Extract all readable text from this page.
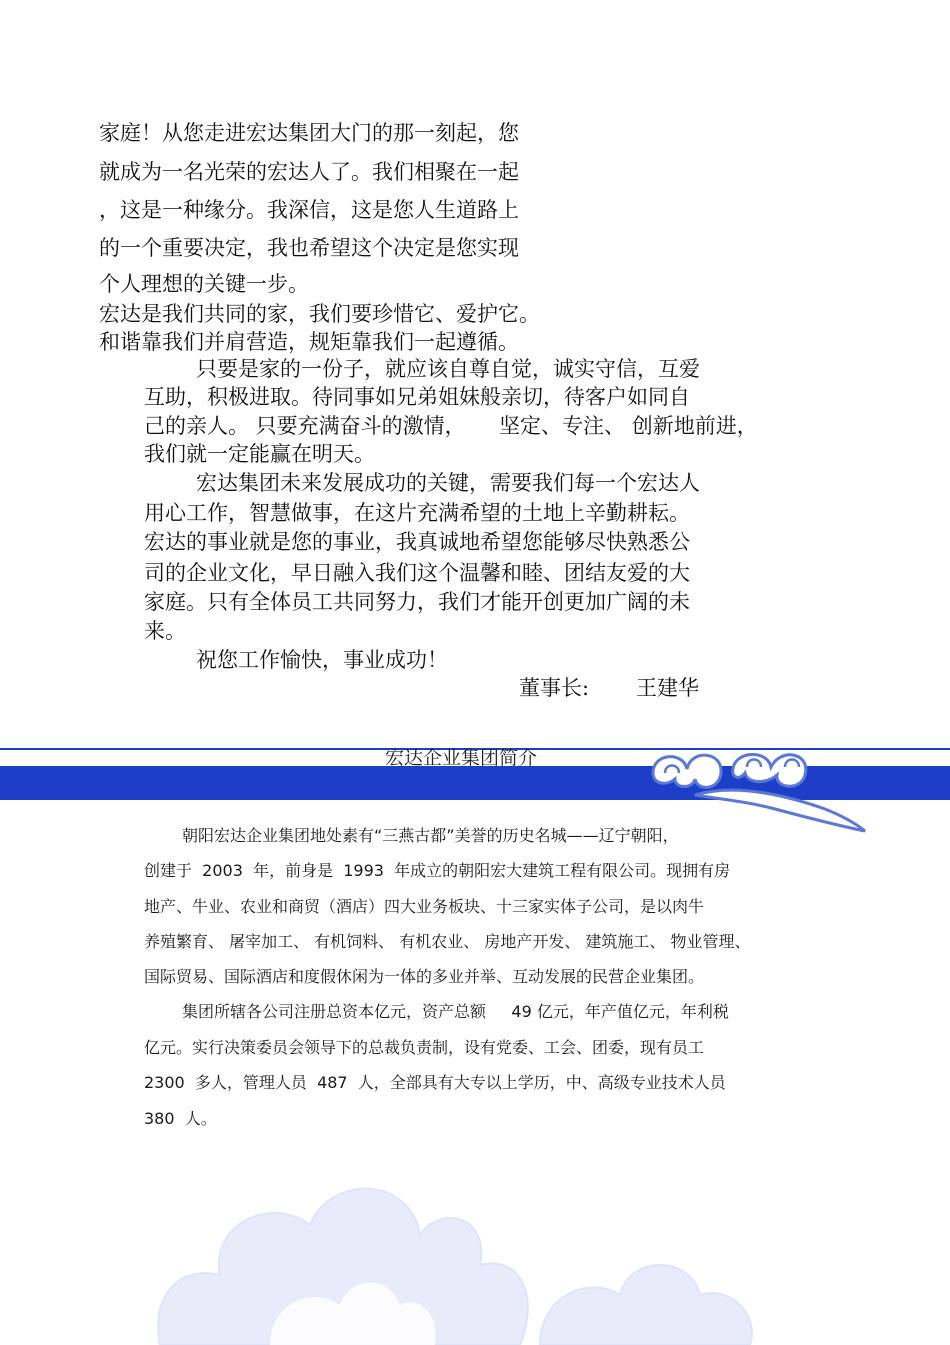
家庭！从您走进宏达集团大门的那一刻起，您
就成为一名光荣的宏达人了。我们相聚在一起
，这是一种缘分。我深信，这是您人生道路上
的一个重要决定，我也希望这个决定是您实现
个人理想的关键一步。
宏达是我们共同的家，我们要珍惜它、爱护它。
和谐靠我们并肩营造，规矩靠我们一起遵循。
只要是家的一份子，就应该自尊自觉，诚实守信，互爱
互助，积极进取。待同事如兄弟姐妹般亲切，待客户如同自
己的亲人。 只要充满奋斗的激情，     坚定、专注、 创新地前进，
我们就一定能赢在明天。
宏达集团未来发展成功的关键，需要我们每一个宏达人
用心工作，智慧做事，在这片充满希望的土地上辛勤耕耘。
宏达的事业就是您的事业，我真诚地希望您能够尽快熟悉公
司的企业文化，早日融入我们这个温馨和睦、团结友爱的大
家庭。只有全体员工共同努力，我们才能开创更加广阔的未
来。
祝您工作愉快，事业成功！
董事长: 王建华
宏达企业集团简介
朝阳宏达企业集团地处素有“三燕古都”美誉的历史名城——辽宁朝阳，
创建于  2003  年，前身是  1993  年成立的朝阳宏大建筑工程有限公司。现拥有房
地产、牛业、农业和商贸（酒店）四大业务板块、十三家实体子公司，是以肉牛
养殖繁育、 屠宰加工、 有机饲料、 有机农业、 房地产开发、 建筑施工、 物业管理、
国际贸易、国际酒店和度假休闲为一体的多业并举、互动发展的民营企业集团。
集团所辖各公司注册总资本亿元，资产总额     49 亿元，年产值亿元，年利税
亿元。实行决策委员会领导下的总裁负责制，设有党委、工会、团委，现有员工
2300  多人，管理人员  487  人，全部具有大专以上学历，中、高级专业技术人员
380  人。
